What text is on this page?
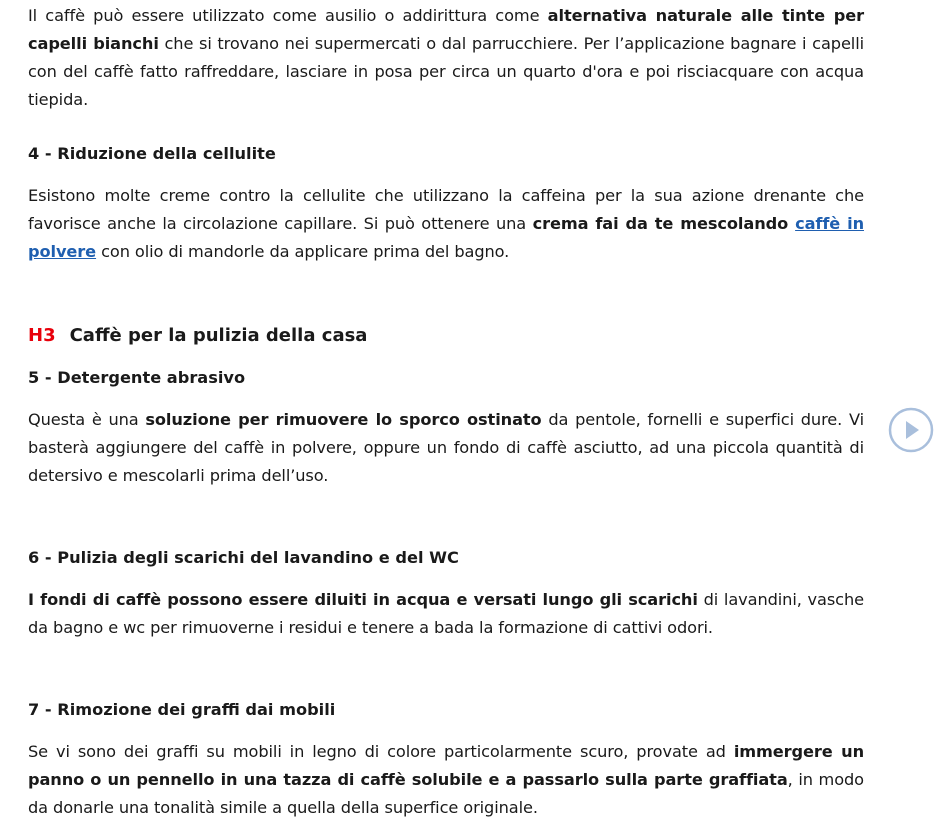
Il caffè può essere utilizzato come ausilio o addirittura come alternativa naturale alle tinte per capelli bianchi che si trovano nei supermercati o dal parrucchiere. Per l’applicazione bagnare i capelli con del caffè fatto raffreddare, lasciare in posa per circa un quarto d'ora e poi risciacquare con acqua tiepida.

4 - Riduzione della cellulite

Esistono molte creme contro la cellulite che utilizzano la caffeina per la sua azione drenante che favorisce anche la circolazione capillare. Si può ottenere una crema fai da te mescolando caffè in polvere con olio di mandorle da applicare prima del bagno.

H3 Caffè per la pulizia della casa

5 - Detergente abrasivo

Questa è una soluzione per rimuovere lo sporco ostinato da pentole, fornelli e superfici dure. Vi basterà aggiungere del caffè in polvere, oppure un fondo di caffè asciutto, ad una piccola quantità di detersivo e mescolarli prima dell’uso.

6 - Pulizia degli scarichi del lavandino e del WC

I fondi di caffè possono essere diluiti in acqua e versati lungo gli scarichi di lavandini, vasche da bagno e wc per rimuoverne i residui e tenere a bada la formazione di cattivi odori.

7 - Rimozione dei graffi dai mobili

Se vi sono dei graffi su mobili in legno di colore particolarmente scuro, provate ad immergere un panno o un pennello in una tazza di caffè solubile e a passarlo sulla parte graffiata, in modo da donarle una tonalità simile a quella della superfice originale.
